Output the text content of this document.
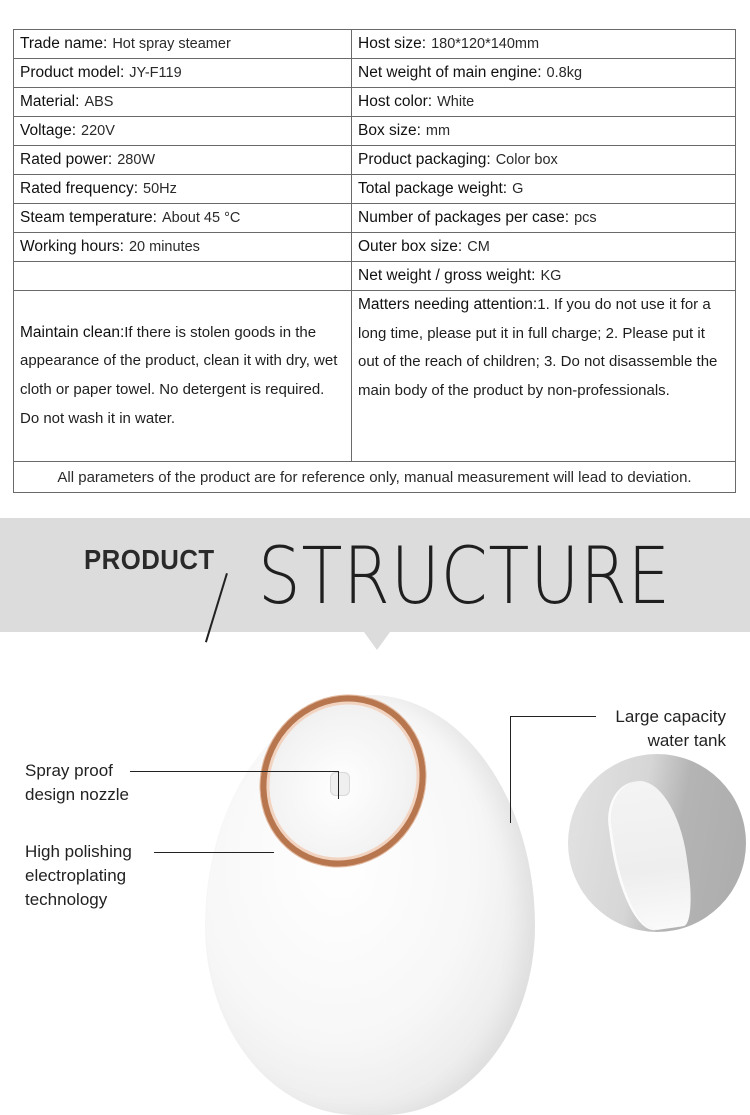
Trade name: Hot spray steamer	Host size: 180*120*140mm
Product model: JY-F119	Net weight of main engine: 0.8kg
Material: ABS	Host color: White
Voltage: 220V	Box size: mm
Rated power: 280W	Product packaging: Color box
Rated frequency: 50Hz	Total package weight: G
Steam temperature: About 45 °C	Number of packages per case: pcs
Working hours: 20 minutes	Outer box size: CM
	Net weight / gross weight: KG
Maintain clean:If there is stolen goods in the appearance of the product, clean it with dry, wet cloth or paper towel. No detergent is required. Do not wash it in water.	Matters needing attention:1. If you do not use it for a long time, please put it in full charge; 2. Please put it out of the reach of children; 3. Do not disassemble the main body of the product by non-professionals.
All parameters of the product are for reference only, manual measurement will lead to deviation.	
PRODUCT STRUCTURE
Spray proof
design nozzle
High polishing
electroplating
technology
Large capacity
water tank
